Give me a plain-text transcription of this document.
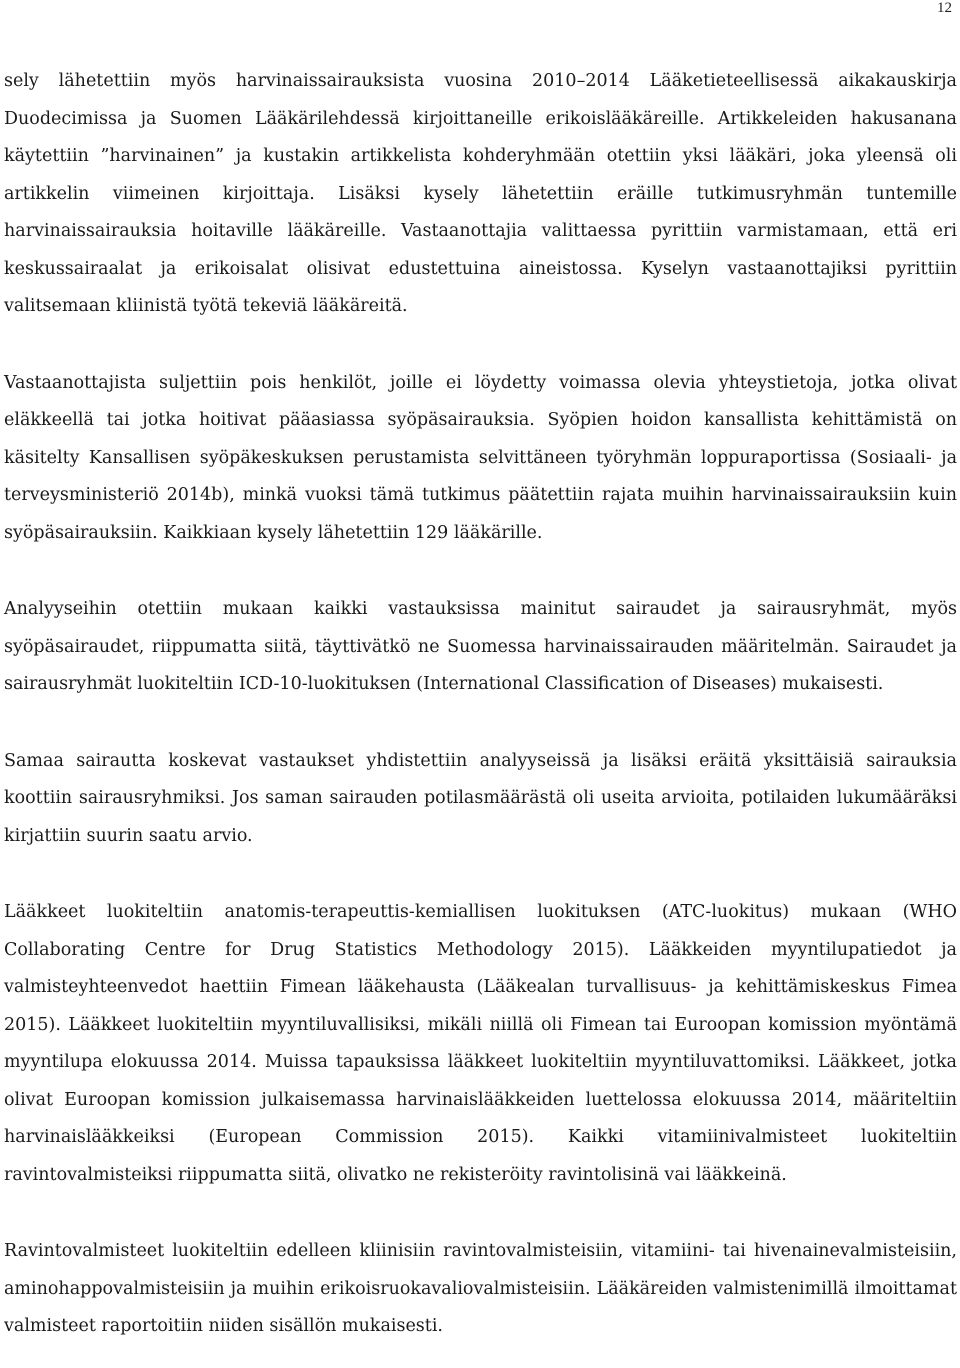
12

sely lähetettiin myös harvinaissairauksista vuosina 2010–2014 Lääketieteellisessä aikakauskirja Duodecimissa ja Suomen Lääkärilehdessä kirjoittaneille erikoislääkäreille. Artikkeleiden hakusanana käytettiin ”harvinainen” ja kustakin artikkelista kohderyhmään otettiin yksi lääkäri, joka yleensä oli artikkelin viimeinen kirjoittaja. Lisäksi kysely lähetettiin eräille tutkimusryhmän tuntemille harvinaissairauksia hoitaville lääkäreille. Vastaanottajia valittaessa pyrittiin varmistamaan, että eri keskussairaalat ja erikoisalat olisivat edustettuina aineistossa. Kyselyn vastaanottajiksi pyrittiin valitsemaan kliinistä työtä tekeviä lääkäreitä.

Vastaanottajista suljettiin pois henkilöt, joille ei löydetty voimassa olevia yhteystietoja, jotka olivat eläkkeellä tai jotka hoitivat pääasiassa syöpäsairauksia. Syöpien hoidon kansallista kehittämistä on käsitelty Kansallisen syöpäkeskuksen perustamista selvittäneen työryhmän loppuraportissa (Sosiaali- ja terveysministeriö 2014b), minkä vuoksi tämä tutkimus päätettiin rajata muihin harvinaissairauksiin kuin syöpäsairauksiin. Kaikkiaan kysely lähetettiin 129 lääkärille.

Analyyseihin otettiin mukaan kaikki vastauksissa mainitut sairaudet ja sairausryhmät, myös syöpäsairaudet, riippumatta siitä, täyttivätkö ne Suomessa harvinaissairauden määritelmän. Sairaudet ja sairausryhmät luokiteltiin ICD-10-luokituksen (International Classification of Diseases) mukaisesti.

Samaa sairautta koskevat vastaukset yhdistettiin analyyseissä ja lisäksi eräitä yksittäisiä sairauksia koottiin sairausryhmiksi. Jos saman sairauden potilasmäärästä oli useita arvioita, potilaiden lukumääräksi kirjattiin suurin saatu arvio.

Lääkkeet luokiteltiin anatomis-terapeuttis-kemiallisen luokituksen (ATC-luokitus) mukaan (WHO Collaborating Centre for Drug Statistics Methodology 2015). Lääkkeiden myyntilupatiedot ja valmisteyhteenvedot haettiin Fimean lääkehausta (Lääkealan turvallisuus- ja kehittämiskeskus Fimea 2015). Lääkkeet luokiteltiin myyntiluvallisiksi, mikäli niillä oli Fimean tai Euroopan komission myöntämä myyntilupa elokuussa 2014. Muissa tapauksissa lääkkeet luokiteltiin myyntiluvattomiksi. Lääkkeet, jotka olivat Euroopan komission julkaisemassa harvinaislääkkeiden luettelossa elokuussa 2014, määriteltiin harvinaislääkkeiksi (European Commission 2015). Kaikki vitamiinivalmisteet luokiteltiin ravintovalmisteiksi riippumatta siitä, olivatko ne rekisteröity ravintolisinä vai lääkkeinä.

Ravintovalmisteet luokiteltiin edelleen kliinisiin ravintovalmisteisiin, vitamiini- tai hivenainevalmisteisiin, aminohappovalmisteisiin ja muihin erikoisruokavaliovalmisteisiin. Lääkäreiden valmistenimillä ilmoittamat valmisteet raportoitiin niiden sisällön mukaisesti.
